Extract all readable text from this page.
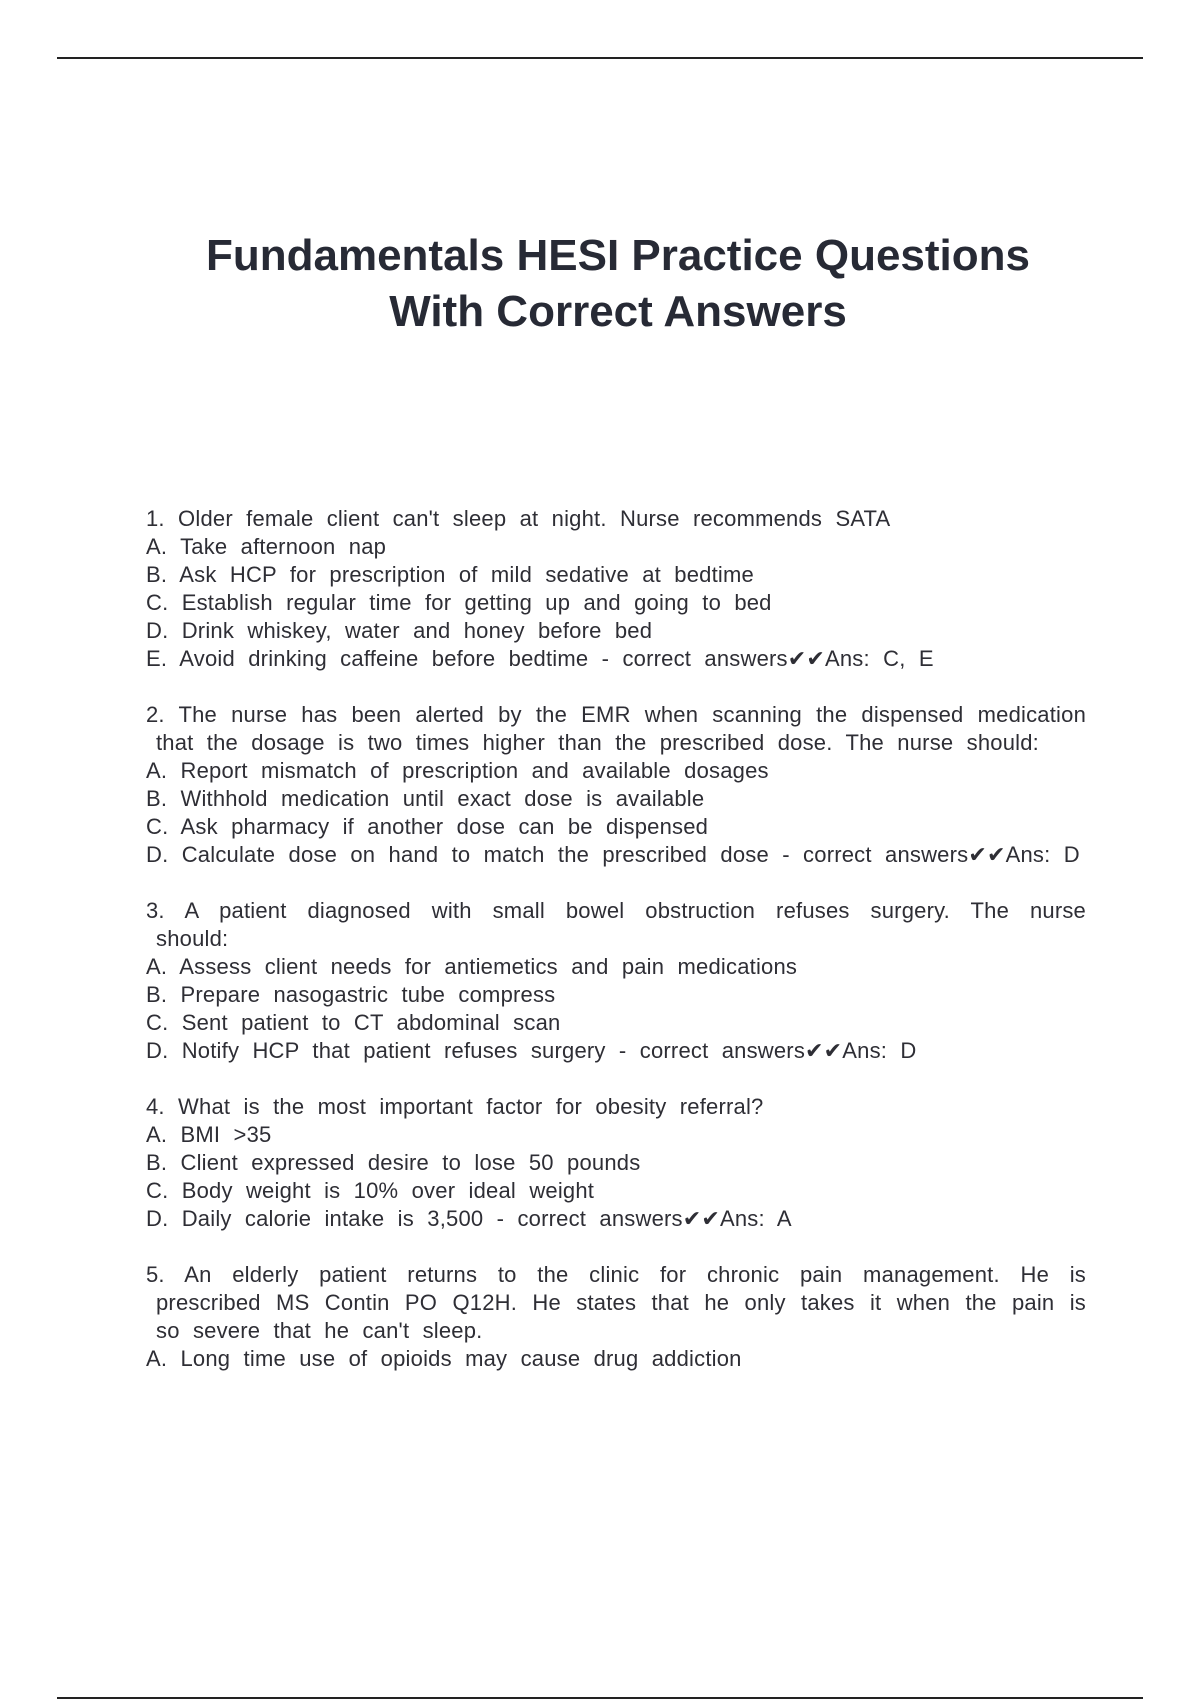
Fundamentals HESI Practice Questions
With Correct Answers
1. Older female client can't sleep at night. Nurse recommends SATA
A. Take afternoon nap
B. Ask HCP for prescription of mild sedative at bedtime
C. Establish regular time for getting up and going to bed
D. Drink whiskey, water and honey before bed
E. Avoid drinking caffeine before bedtime - correct answers✔✔Ans: C, E
2. The nurse has been alerted by the EMR when scanning the dispensed medication that the dosage is two times higher than the prescribed dose. The nurse should:
A. Report mismatch of prescription and available dosages
B. Withhold medication until exact dose is available
C. Ask pharmacy if another dose can be dispensed
D. Calculate dose on hand to match the prescribed dose - correct answers✔✔Ans: D
3. A patient diagnosed with small bowel obstruction refuses surgery. The nurse should:
A. Assess client needs for antiemetics and pain medications
B. Prepare nasogastric tube compress
C. Sent patient to CT abdominal scan
D. Notify HCP that patient refuses surgery - correct answers✔✔Ans: D
4. What is the most important factor for obesity referral?
A. BMI >35
B. Client expressed desire to lose 50 pounds
C. Body weight is 10% over ideal weight
D. Daily calorie intake is 3,500 - correct answers✔✔Ans: A
5. An elderly patient returns to the clinic for chronic pain management. He is prescribed MS Contin PO Q12H. He states that he only takes it when the pain is so severe that he can't sleep.
A. Long time use of opioids may cause drug addiction
